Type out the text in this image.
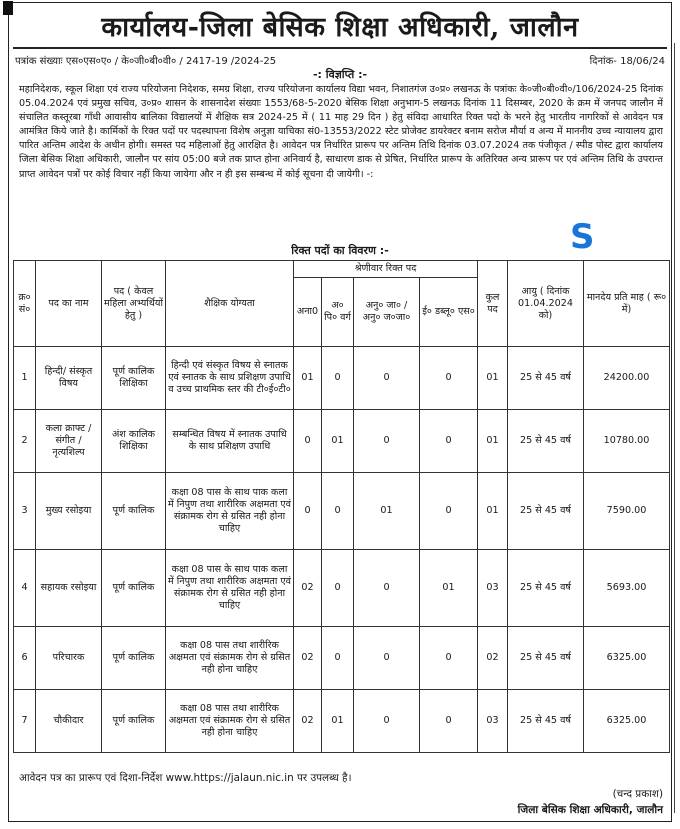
कार्यालय-जिला बेसिक शिक्षा अधिकारी, जालौन
पत्रांक संख्याः एस०एस०ए० / के०जी०बी०वी० / 2417-19 /2024-25	दिनांक- 18/06/24
-: विज्ञप्ति :-

महानिदेशक, स्कूल शिक्षा एवं राज्य परियोजना निदेशक, समग्र शिक्षा, राज्य परियोजना कार्यालय विद्या भवन, निशातगंज उ०प्र० लखनऊ के पत्रांकः के०जी०बी०वी०/106/2024-25 दिनांक 05.04.2024 एवं प्रमुख सचिव, उ०प्र० शासन के शासनादेश संख्याः 1553/68-5-2020 बेसिक शिक्षा अनुभाग-5 लखनऊ दिनांक 11 दिसम्बर, 2020 के क्रम में जनपद जालौन में संचालित कस्तूरबा गाँधी आवासीय बालिका विद्यालयों में शैक्षिक सत्र 2024-25 में ( 11 माह 29 दिन ) हेतु संविदा आधारित रिक्त पदो के भरने हेतु भारतीय नागरिकों से आवेदन पत्र आमंत्रित किये जाते है। कार्मिकों के रिक्त पदों पर पदस्थापना विशेष अनुज्ञा याचिका सं0-13553/2022 स्टेट प्रोजेक्ट डायरेक्टर बनाम सरोज मौर्या व अन्य में माननीय उच्च न्यायालय द्वारा पारित अन्तिम आदेश के अधीन होगी। समस्त पद महिलाओं हेतु आरक्षित है। आवेदन पत्र निर्धारित प्रारूप पर अन्तिम तिथि दिनांक 03.07.2024 तक पंजीकृत / स्पीड पोस्ट द्वारा कार्यालय जिला बेसिक शिक्षा अधिकारी, जालौन पर सांय 05:00 बजे तक प्राप्त होना अनिवार्य है, साधारण डाक से प्रेषित, निर्धारित प्रारूप के अतिरिक्त अन्य प्रारूप पर एवं अन्तिम तिथि के उपरान्त प्राप्त आवेदन पत्रों पर कोई विचार नहीं किया जायेगा और न ही इस सम्बन्ध में कोई सूचना दी जायेगी। -:

S
रिक्त पदों का विवरण :-
क्र० सं०	पद का नाम	पद ( केवल महिला अभ्यर्थियों हेतु )	शैक्षिक योग्यता	श्रेणीवार रिक्त पद				कुल पद	आयु ( दिनांक 01.04.2024 को)	मानदेय प्रति माह ( रू० में)
				अना0	अ० पि० वर्ग	अनु० जा० / अनु० ज०जा०	ई० डब्लू० एस०			
1	हिन्दी/ संस्कृत विषय	पूर्ण कालिक शिक्षिका	हिन्दी एवं संस्कृत विषय से स्नातक एवं स्नातक के साथ प्रशिक्षण उपाधि व उच्च प्राथमिक स्तर की टी०ई०टी०	01	0	0	0	01	25 से 45 वर्ष	24200.00
2	कला क्राफ्ट / संगीत / नृत्यशिल्प	अंश कालिक शिक्षिका	सम्बन्धित विषय में स्नातक उपाधि के साथ प्रशिक्षण उपाधि	0	01	0	0	01	25 से 45 वर्ष	10780.00
3	मुख्य रसोइया	पूर्ण कालिक	कक्षा 08 पास के साथ पाक कला में निपुण तथा शारीरिक अक्षमता एवं संक्रामक रोग से ग्रसित नही होना चाहिए	0	0	01	0	01	25 से 45 वर्ष	7590.00
4	सहायक रसोइया	पूर्ण कालिक	कक्षा 08 पास के साथ पाक कला में निपुण तथा शारीरिक अक्षमता एवं संक्रामक रोग से ग्रसित नही होना चाहिए	02	0	0	01	03	25 से 45 वर्ष	5693.00
6	परिचारक	पूर्ण कालिक	कक्षा 08 पास तथा शारीरिक अक्षमता एवं संक्रामक रोग से ग्रसित नही होना चाहिए	02	0	0	0	02	25 से 45 वर्ष	6325.00
7	चौकीदार	पूर्ण कालिक	कक्षा 08 पास तथा शारीरिक अक्षमता एवं संक्रामक रोग से ग्रसित नही होना चाहिए	02	01	0	0	03	25 से 45 वर्ष	6325.00
आवेदन पत्र का प्रारूप एवं दिशा-निर्देश www.https://jalaun.nic.in पर उपलब्ध है।
(चन्द प्रकाश)
जिला बेसिक शिक्षा अधिकारी, जालौन
